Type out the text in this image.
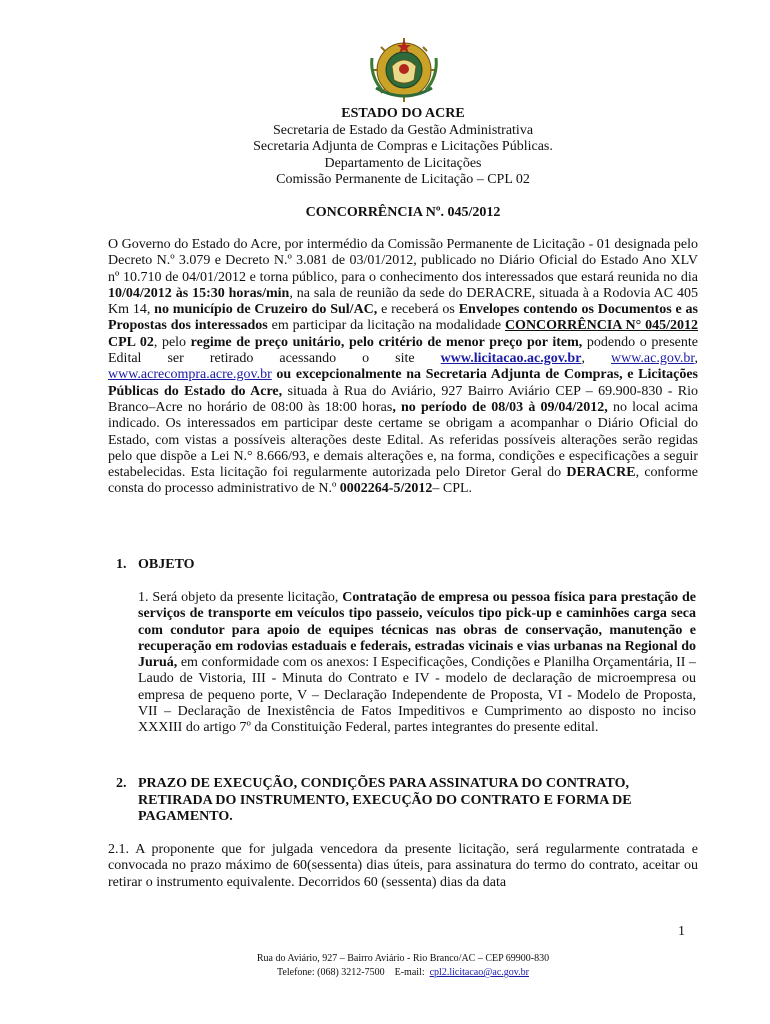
ESTADO DO ACRE
Secretaria de Estado da Gestão Administrativa
Secretaria Adjunta de Compras e Licitações Públicas.
Departamento de Licitações
Comissão Permanente de Licitação – CPL 02
CONCORRÊNCIA Nº. 045/2012
O Governo do Estado do Acre, por intermédio da Comissão Permanente de Licitação - 01 designada pelo Decreto N.º 3.079 e Decreto N.º 3.081 de 03/01/2012, publicado no Diário Oficial do Estado Ano XLV nº 10.710 de 04/01/2012 e torna público, para o conhecimento dos interessados que estará reunida no dia 10/04/2012 às 15:30 horas/min, na sala de reunião da sede do DERACRE, situada à a Rodovia AC 405 Km 14, no município de Cruzeiro do Sul/AC, e receberá os Envelopes contendo os Documentos e as Propostas dos interessados em participar da licitação na modalidade CONCORRÊNCIA N° 045/2012 CPL 02, pelo regime de preço unitário, pelo critério de menor preço por item, podendo o presente Edital ser retirado acessando o site www.licitacao.ac.gov.br, www.ac.gov.br, www.acrecompra.acre.gov.br ou excepcionalmente na Secretaria Adjunta de Compras, e Licitações Públicas do Estado do Acre, situada à Rua do Aviário, 927 Bairro Aviário CEP – 69.900-830 - Rio Branco–Acre no horário de 08:00 às 18:00 horas, no período de 08/03 à 09/04/2012, no local acima indicado. Os interessados em participar deste certame se obrigam a acompanhar o Diário Oficial do Estado, com vistas a possíveis alterações deste Edital. As referidas possíveis alterações serão regidas pelo que dispõe a Lei N.° 8.666/93, e demais alterações e, na forma, condições e especificações a seguir estabelecidas. Esta licitação foi regularmente autorizada pelo Diretor Geral do DERACRE, conforme consta do processo administrativo de N.º 0002264-5/2012– CPL.
1. OBJETO
1. Será objeto da presente licitação, Contratação de empresa ou pessoa física para prestação de serviços de transporte em veículos tipo passeio, veículos tipo pick-up e caminhões carga seca com condutor para apoio de equipes técnicas nas obras de conservação, manutenção e recuperação em rodovias estaduais e federais, estradas vicinais e vias urbanas na Regional do Juruá, em conformidade com os anexos: I Especificações, Condições e Planilha Orçamentária, II – Laudo de Vistoria, III - Minuta do Contrato e IV - modelo de declaração de microempresa ou empresa de pequeno porte, V – Declaração Independente de Proposta, VI - Modelo de Proposta, VII – Declaração de Inexistência de Fatos Impeditivos e Cumprimento ao disposto no inciso XXXIII do artigo 7º da Constituição Federal, partes integrantes do presente edital.
2. PRAZO DE EXECUÇÃO, CONDIÇÕES PARA ASSINATURA DO CONTRATO, RETIRADA DO INSTRUMENTO, EXECUÇÃO DO CONTRATO E FORMA DE PAGAMENTO.
2.1. A proponente que for julgada vencedora da presente licitação, será regularmente contratada e convocada no prazo máximo de 60(sessenta) dias úteis, para assinatura do termo do contrato, aceitar ou retirar o instrumento equivalente. Decorridos 60 (sessenta) dias da data
1
Rua do Aviário, 927 – Bairro Aviário - Rio Branco/AC – CEP 69900-830
Telefone: (068) 3212-7500    E-mail:  cpl2.licitacao@ac.gov.br
